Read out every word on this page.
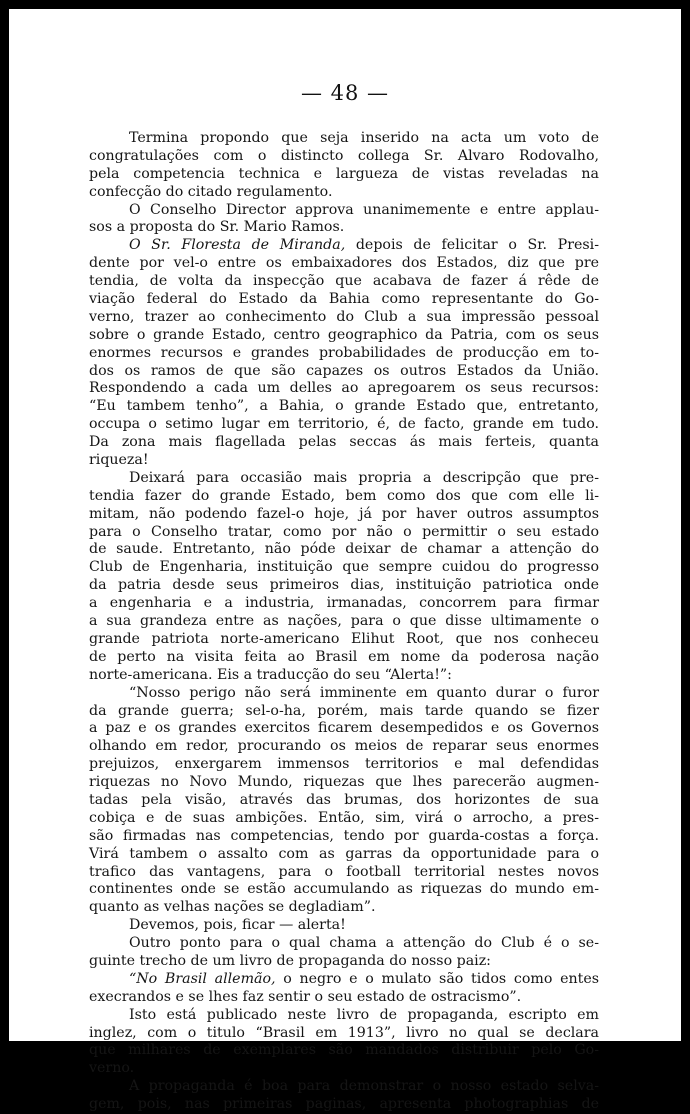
— 48 —
Termina propondo que seja inserido na acta um voto de
congratulações com o distincto collega Sr. Alvaro Rodovalho,
pela competencia technica e largueza de vistas reveladas na
confecção do citado regulamento.
O Conselho Director approva unanimemente e entre applau-
sos a proposta do Sr. Mario Ramos.
O Sr. Floresta de Miranda, depois de felicitar o Sr. Presi-
dente por vel-o entre os embaixadores dos Estados, diz que pre
tendia, de volta da inspecção que acabava de fazer á rêde de
viação federal do Estado da Bahia como representante do Go-
verno, trazer ao conhecimento do Club a sua impressão pessoal
sobre o grande Estado, centro geographico da Patria, com os seus
enormes recursos e grandes probabilidades de producção em to-
dos os ramos de que são capazes os outros Estados da União.
Respondendo a cada um delles ao apregoarem os seus recursos:
“Eu tambem tenho”, a Bahia, o grande Estado que, entretanto,
occupa o setimo lugar em territorio, é, de facto, grande em tudo.
Da zona mais flagellada pelas seccas ás mais ferteis, quanta
riqueza!
Deixará para occasião mais propria a descripção que pre-
tendia fazer do grande Estado, bem como dos que com elle li-
mitam, não podendo fazel-o hoje, já por haver outros assumptos
para o Conselho tratar, como por não o permittir o seu estado
de saude. Entretanto, não póde deixar de chamar a attenção do
Club de Engenharia, instituição que sempre cuidou do progresso
da patria desde seus primeiros dias, instituição patriotica onde
a engenharia e a industria, irmanadas, concorrem para firmar
a sua grandeza entre as nações, para o que disse ultimamente o
grande patriota norte-americano Elihut Root, que nos conheceu
de perto na visita feita ao Brasil em nome da poderosa nação
norte-americana. Eis a traducção do seu “Alerta!”:
“Nosso perigo não será imminente em quanto durar o furor
da grande guerra; sel-o-ha, porém, mais tarde quando se fizer
a paz e os grandes exercitos ficarem desempedidos e os Governos
olhando em redor, procurando os meios de reparar seus enormes
prejuizos, enxergarem immensos territorios e mal defendidas
riquezas no Novo Mundo, riquezas que lhes parecerão augmen-
tadas pela visão, através das brumas, dos horizontes de sua
cobiça e de suas ambições. Então, sim, virá o arrocho, a pres-
são firmadas nas competencias, tendo por guarda-costas a força.
Virá tambem o assalto com as garras da opportunidade para o
trafico das vantagens, para o football territorial nestes novos
continentes onde se estão accumulando as riquezas do mundo em-
quanto as velhas nações se degladiam”.
Devemos, pois, ficar — alerta!
Outro ponto para o qual chama a attenção do Club é o se-
guinte trecho de um livro de propaganda do nosso paiz:
“No Brasil allemão, o negro e o mulato são tidos como entes
execrandos e se lhes faz sentir o seu estado de ostracismo”.
Isto está publicado neste livro de propaganda, escripto em
inglez, com o titulo “Brasil em 1913”, livro no qual se declara
que milhares de exemplares são mandados distribuir pelo Go-
verno.
A propaganda é boa para demonstrar o nosso estado selva-
gem, pois, nas primeiras paginas, apresenta photographias de
